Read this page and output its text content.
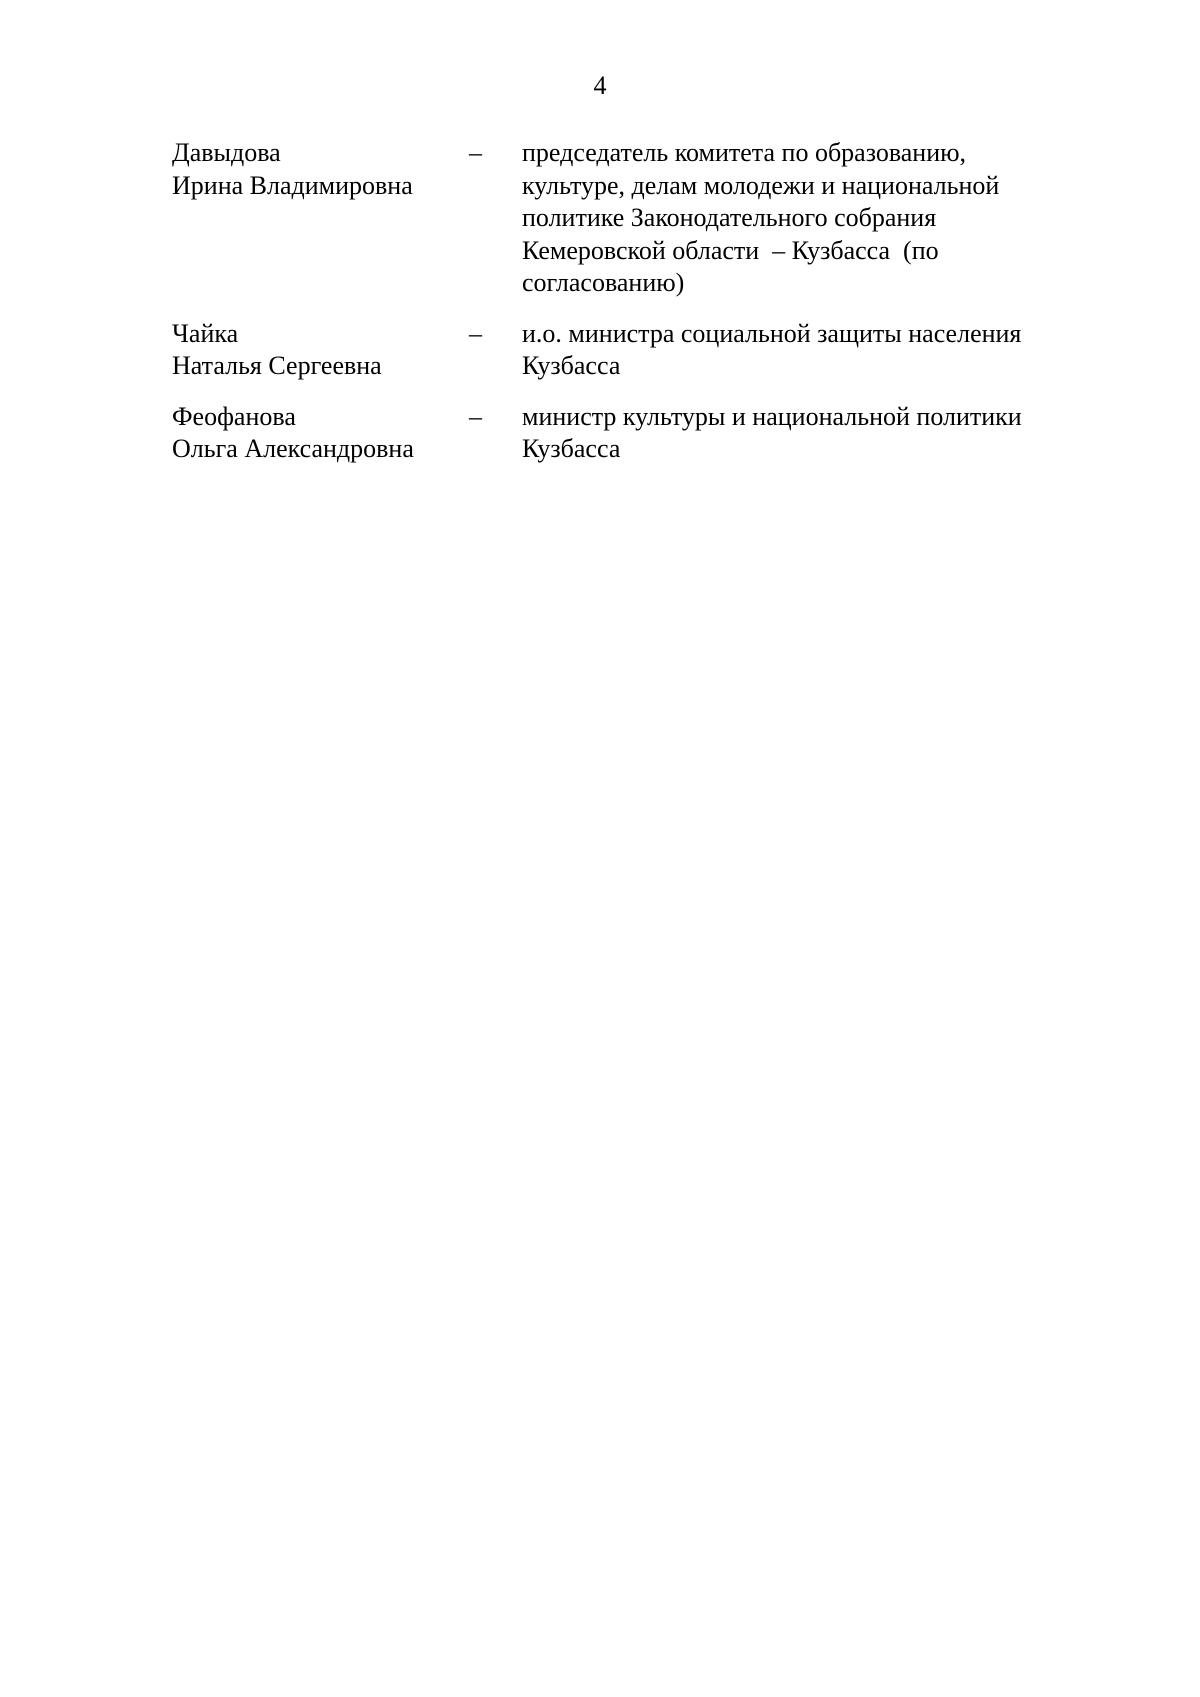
4
Давыдова
Ирина Владимировна
–	председатель комитета по образованию,
культуре, делам молодежи и национальной
политике Законодательного собрания
Кемеровской области  – Кузбасса  (по
согласованию)
Чайка
Наталья Сергеевна
–	и.о. министра социальной защиты населения
Кузбасса
Феофанова
Ольга Александровна
–	министр культуры и национальной политики
Кузбасса
